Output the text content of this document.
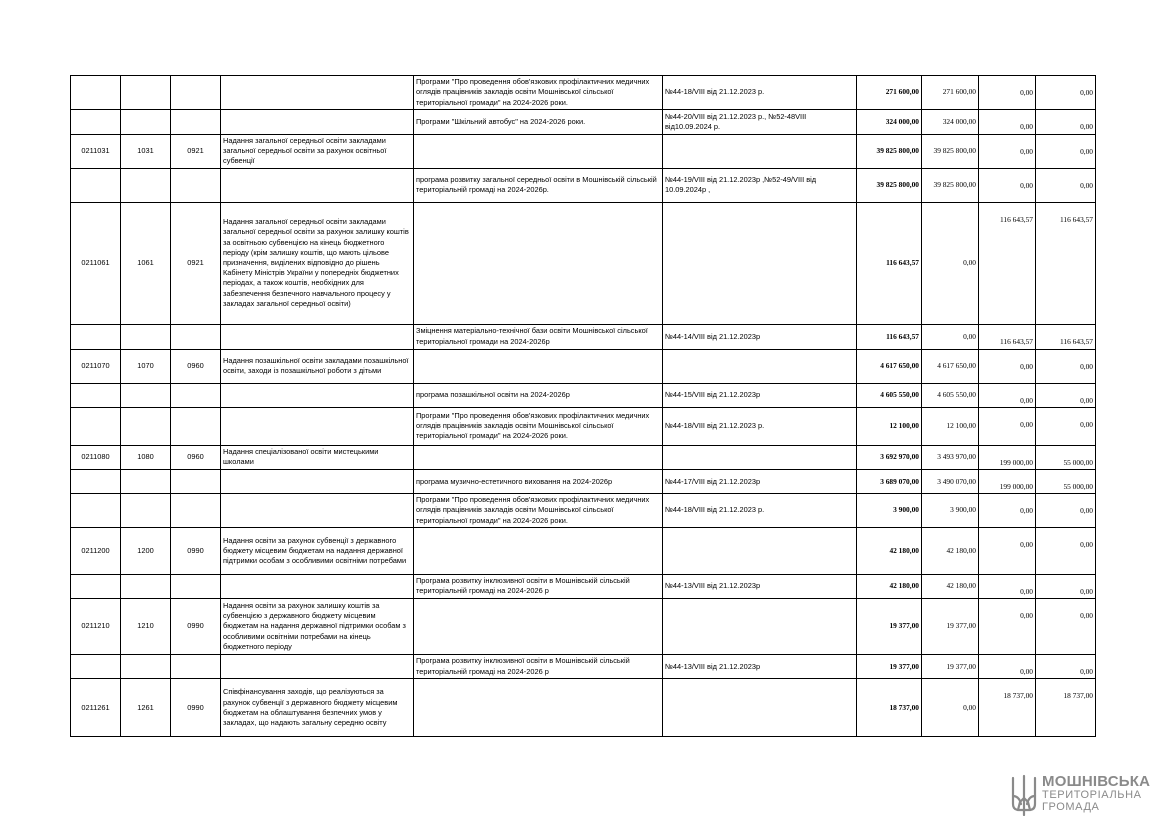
				Програми "Про проведення обов'язкових профілактичних медичних оглядів працівників закладів освіти Мошнівської сільської територіальної громади" на 2024-2026 роки.	№44-18/VIII від 21.12.2023 р.	271 600,00	271 600,00	0,00	0,00
				Програми "Шкільний автобус" на 2024-2026 роки.	№44-20/VIII від 21.12.2023 р., №52-48VIII від10.09.2024 р.	324 000,00	324 000,00	0,00	0,00
0211031	1031	0921	Надання загальної середньої освіти закладами загальної середньої освіти за рахунок освітньої субвенції			39 825 800,00	39 825 800,00	0,00	0,00
				програма розвитку загальної середньої освіти в Мошнівській сільській територіальній громаді на 2024-2026р.	№44-19/VIII від 21.12.2023р ,№52-49/VIII від 10.09.2024р ,	39 825 800,00	39 825 800,00	0,00	0,00
0211061	1061	0921	Надання загальної середньої освіти закладами загальної середньої освіти за рахунок залишку коштів за освітньою субвенцією на кінець бюджетного періоду (крім залишку коштів, що мають цільове призначення, виділених відповідно до рішень Кабінету Міністрів України у попередніх бюджетних періодах, а також коштів, необхідних для забезпечення безпечного навчального процесу у закладах загальної середньої освіти)			116 643,57	0,00	116 643,57	116 643,57
				Зміцнення матеріально-технічної бази освіти Мошнівської сільської територіальної громади на 2024-2026р	№44-14/VIII від 21.12.2023р	116 643,57	0,00	116 643,57	116 643,57
0211070	1070	0960	Надання позашкільної освіти закладами позашкільної освіти, заходи із позашкільної роботи з дітьми			4 617 650,00	4 617 650,00	0,00	0,00
				програма позашкільної освіти на 2024-2026р	№44-15/VIII від 21.12.2023р	4 605 550,00	4 605 550,00	0,00	0,00
				Програми "Про проведення обов'язкових профілактичних медичних оглядів працівників закладів освіти Мошнівської сільської територіальної громади" на 2024-2026 роки.	№44-18/VIII від 21.12.2023 р.	12 100,00	12 100,00	0,00	0,00
0211080	1080	0960	Надання спеціалізованої освіти мистецькими школами			3 692 970,00	3 493 970,00	199 000,00	55 000,00
				програма музично-естетичного виховання на 2024-2026р	№44-17/VIII від 21.12.2023р	3 689 070,00	3 490 070,00	199 000,00	55 000,00
				Програми "Про проведення обов'язкових профілактичних медичних оглядів працівників закладів освіти Мошнівської сільської територіальної громади" на 2024-2026 роки.	№44-18/VIII від 21.12.2023 р.	3 900,00	3 900,00	0,00	0,00
0211200	1200	0990	Надання освіти за рахунок субвенції з державного бюджету місцевим бюджетам на надання державної підтримки особам з особливими освітніми потребами			42 180,00	42 180,00	0,00	0,00
				Програма розвитку інклюзивної освіти в Мошнівській сільській територіальній громаді на 2024-2026 р	№44-13/VIII від 21.12.2023р	42 180,00	42 180,00	0,00	0,00
0211210	1210	0990	Надання освіти за рахунок залишку коштів за субвенцією з державного бюджету місцевим бюджетам на надання державної підтримки особам з особливими освітніми потребами на кінець бюджетного періоду			19 377,00	19 377,00	0,00	0,00
				Програма розвитку інклюзивної освіти в Мошнівській сільській територіальній громаді на 2024-2026 р	№44-13/VIII від 21.12.2023р	19 377,00	19 377,00	0,00	0,00
0211261	1261	0990	Співфінансування заходів, що реалізуються за рахунок субвенції з державного бюджету місцевим бюджетам на облаштування безпечних умов у закладах, що надають загальну середню освіту			18 737,00	0,00	18 737,00	18 737,00
МОШНІВСЬКА
ТЕРИТОРІАЛЬНА
ГРОМАДА
